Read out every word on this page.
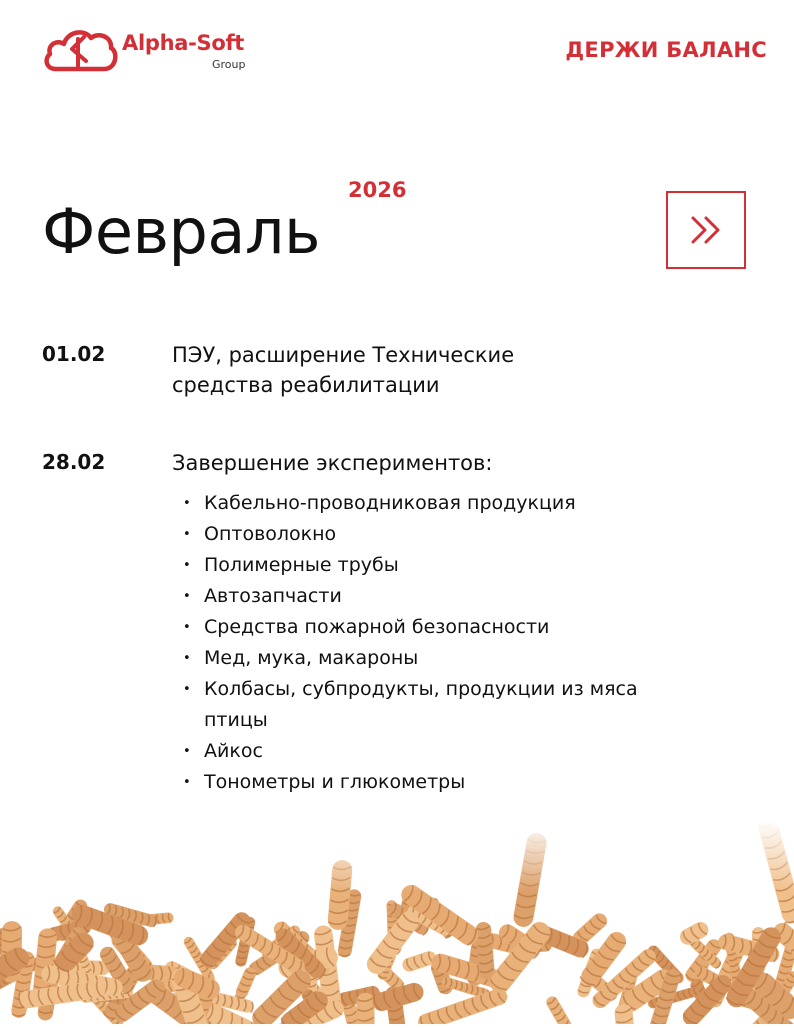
Alpha-Soft
Group
ДЕРЖИ БАЛАНС
Февраль
2026
01.02	ПЭУ, расширение Технические средства реабилитации
28.02	Завершение экспериментов:
• Кабельно-проводниковая продукция
• Оптоволокно
• Полимерные трубы
• Автозапчасти
• Средства пожарной безопасности
• Мед, мука, макароны
• Колбасы, субпродукты, продукции из мяса птицы
• Айкос
• Тонометры и глюкометры
